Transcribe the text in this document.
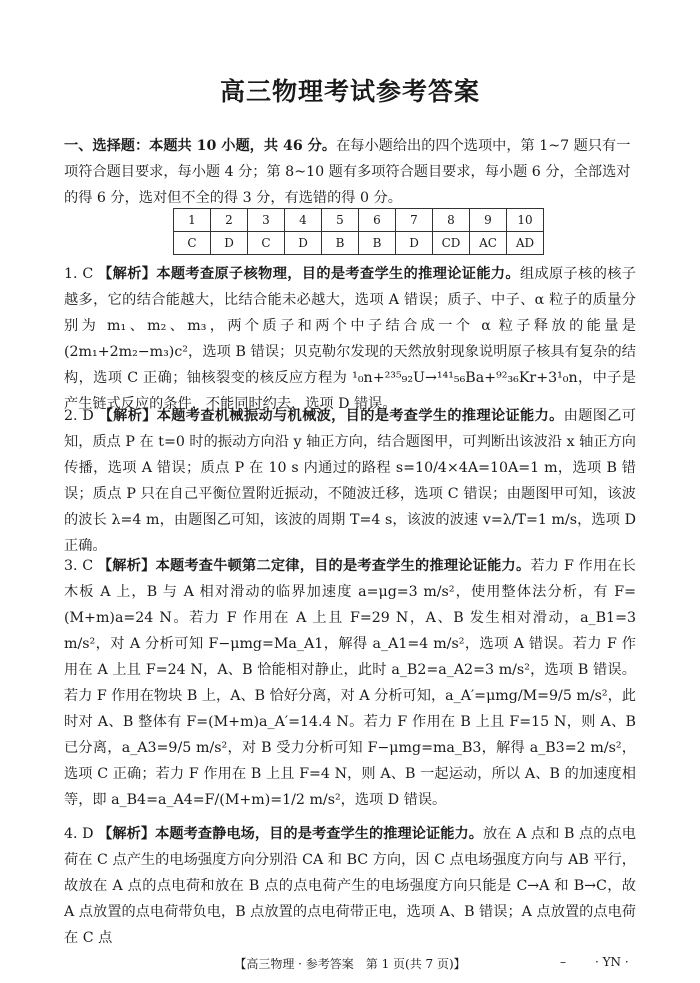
高三物理考试参考答案
一、选择题：本题共 10 小题，共 46 分。在每小题给出的四个选项中，第 1~7 题只有一项符合题目要求，每小题 4 分；第 8~10 题有多项符合题目要求，每小题 6 分，全部选对的得 6 分，选对但不全的得 3 分，有选错的得 0 分。
1	2	3	4	5	6	7	8	9	10
C	D	C	D	B	B	D	CD	AC	AD
1. C 【解析】本题考查原子核物理，目的是考查学生的推理论证能力。组成原子核的核子越多，它的结合能越大，比结合能未必越大，选项 A 错误；质子、中子、α 粒子的质量分别为 m₁、m₂、m₃，两个质子和两个中子结合成一个 α 粒子释放的能量是(2m₁+2m₂−m₃)c²，选项 B 错误；贝克勒尔发现的天然放射现象说明原子核具有复杂的结构，选项 C 正确；铀核裂变的核反应方程为 ¹₀n+²³⁵₉₂U→¹⁴¹₅₆Ba+⁹²₃₆Kr+3¹₀n，中子是产生链式反应的条件，不能同时约去，选项 D 错误。
2. D 【解析】本题考查机械振动与机械波，目的是考查学生的推理论证能力。由题图乙可知，质点 P 在 t=0 时的振动方向沿 y 轴正方向，结合题图甲，可判断出该波沿 x 轴正方向传播，选项 A 错误；质点 P 在 10 s 内通过的路程 s=10/4×4A=10A=1 m，选项 B 错误；质点 P 只在自己平衡位置附近振动，不随波迁移，选项 C 错误；由题图甲可知，该波的波长 λ=4 m，由题图乙可知，该波的周期 T=4 s，该波的波速 v=λ/T=1 m/s，选项 D 正确。
3. C 【解析】本题考查牛顿第二定律，目的是考查学生的推理论证能力。若力 F 作用在长木板 A 上，B 与 A 相对滑动的临界加速度 a=μg=3 m/s²，使用整体法分析，有 F=(M+m)a=24 N。若力 F 作用在 A 上且 F=29 N，A、B 发生相对滑动，a_B1=3 m/s²，对 A 分析可知 F−μmg=Ma_A1，解得 a_A1=4 m/s²，选项 A 错误。若力 F 作用在 A 上且 F=24 N，A、B 恰能相对静止，此时 a_B2=a_A2=3 m/s²，选项 B 错误。若力 F 作用在物块 B 上，A、B 恰好分离，对 A 分析可知，a_A′=μmg/M=9/5 m/s²，此时对 A、B 整体有 F=(M+m)a_A′=14.4 N。若力 F 作用在 B 上且 F=15 N，则 A、B 已分离，a_A3=9/5 m/s²，对 B 受力分析可知 F−μmg=ma_B3，解得 a_B3=2 m/s²，选项 C 正确；若力 F 作用在 B 上且 F=4 N，则 A、B 一起运动，所以 A、B 的加速度相等，即 a_B4=a_A4=F/(M+m)=1/2 m/s²，选项 D 错误。
4. D 【解析】本题考查静电场，目的是考查学生的推理论证能力。放在 A 点和 B 点的点电荷在 C 点产生的电场强度方向分别沿 CA 和 BC 方向，因 C 点电场强度方向与 AB 平行，故放在 A 点的点电荷和放在 B 点的点电荷产生的电场强度方向只能是 C→A 和 B→C，故 A 点放置的点电荷带负电，B 点放置的点电荷带正电，选项 A、B 错误；A 点放置的点电荷在 C 点
【高三物理 · 参考答案　第 1 页(共 7 页)】	– · YN ·
